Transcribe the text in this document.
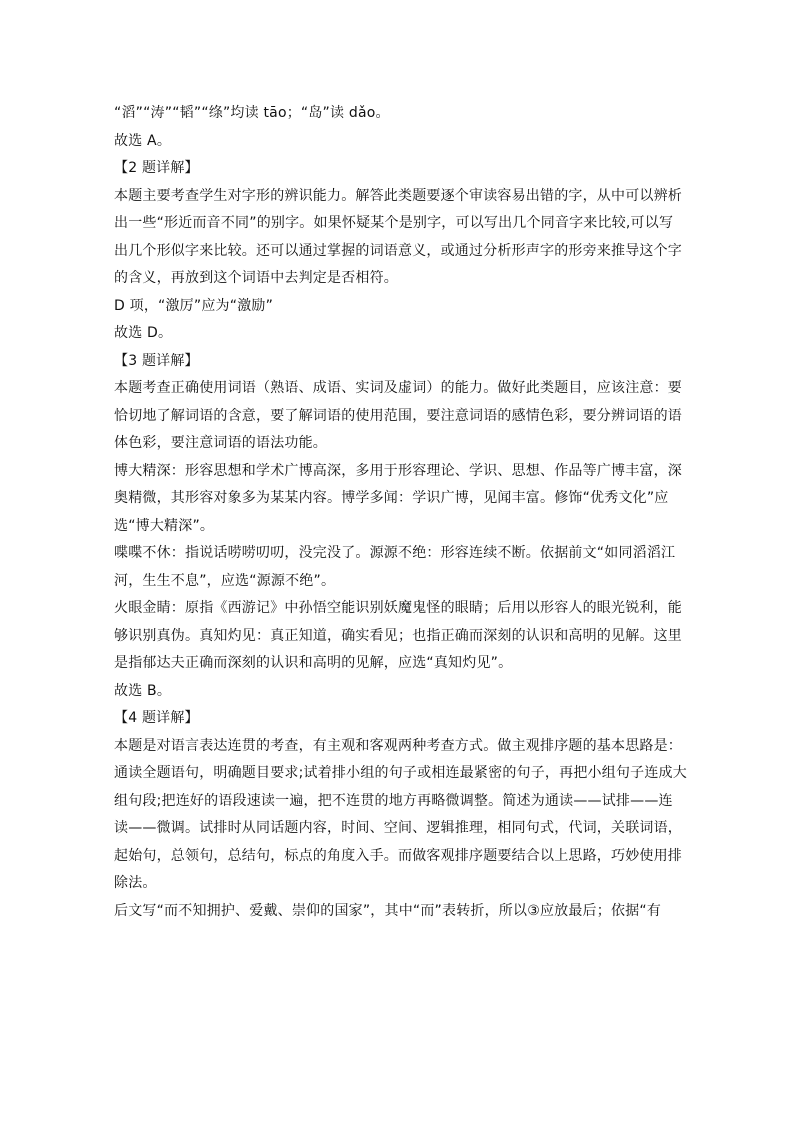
“滔”“涛”“韬”“绦”均读 tāo；“岛”读 dǎo。
故选 A。
【2 题详解】
本题主要考查学生对字形的辨识能力。解答此类题要逐个审读容易出错的字，从中可以辨析
出一些“形近而音不同”的别字。如果怀疑某个是别字，可以写出几个同音字来比较,可以写
出几个形似字来比较。还可以通过掌握的词语意义，或通过分析形声字的形旁来推导这个字
的含义，再放到这个词语中去判定是否相符。
D 项，“激厉”应为“激励”
故选 D。
【3 题详解】
本题考查正确使用词语（熟语、成语、实词及虚词）的能力。做好此类题目，应该注意：要
恰切地了解词语的含意，要了解词语的使用范围，要注意词语的感情色彩，要分辨词语的语
体色彩，要注意词语的语法功能。
博大精深：形容思想和学术广博高深，多用于形容理论、学识、思想、作品等广博丰富，深
奥精微，其形容对象多为某某内容。博学多闻：学识广博，见闻丰富。修饰“优秀文化”应
选“博大精深”。
喋喋不休：指说话唠唠叨叨，没完没了。源源不绝：形容连续不断。依据前文“如同滔滔江
河，生生不息”，应选“源源不绝”。
火眼金睛：原指《西游记》中孙悟空能识别妖魔鬼怪的眼睛；后用以形容人的眼光锐利，能
够识别真伪。真知灼见：真正知道，确实看见；也指正确而深刻的认识和高明的见解。这里
是指郁达夫正确而深刻的认识和高明的见解，应选“真知灼见”。
故选 B。
【4 题详解】
本题是对语言表达连贯的考查，有主观和客观两种考查方式。做主观排序题的基本思路是：
通读全题语句，明确题目要求;试着排小组的句子或相连最紧密的句子，再把小组句子连成大
组句段;把连好的语段速读一遍，把不连贯的地方再略微调整。简述为通读——试排——连
读——微调。试排时从同话题内容，时间、空间、逻辑推理，相同句式，代词，关联词语，
起始句，总领句，总结句，标点的角度入手。而做客观排序题要结合以上思路，巧妙使用排
除法。
后文写“而不知拥护、爱戴、崇仰的国家”，其中“而”表转折，所以③应放最后；依据“有
